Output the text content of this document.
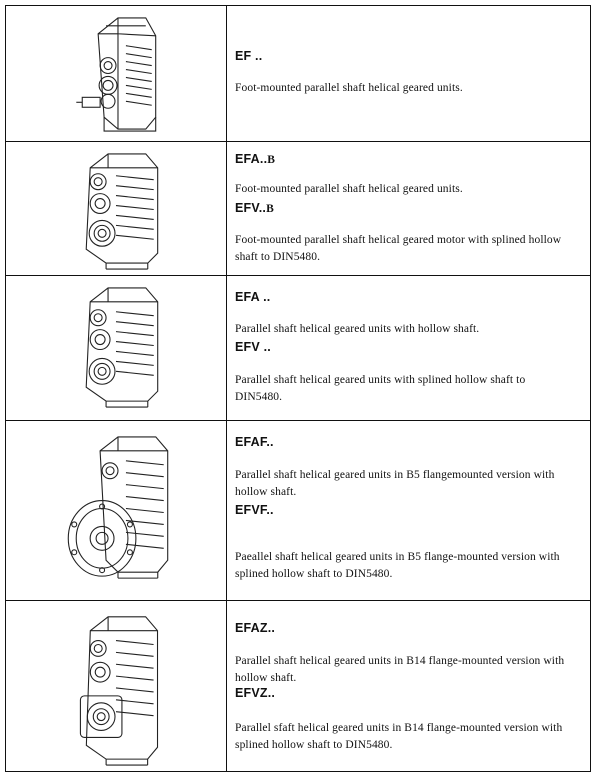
EF ..
Foot-mounted parallel shaft helical geared units.
EFA..B
Foot-mounted parallel shaft helical geared units.
EFV..B
Foot-mounted parallel shaft helical geared motor with splined hollow shaft to DIN5480.
EFA ..
Parallel shaft helical geared units with hollow shaft.
EFV ..
Parallel shaft helical geared units with splined hollow shaft to DIN5480.
EFAF..
Parallel shaft helical geared units in B5 flangemounted version with hollow shaft.
EFVF..
Paeallel shaft helical geared units in B5 flange-mounted version with splined hollow shaft to DIN5480.
EFAZ..
Parallel shaft helical geared units in B14 flange-mounted version with hollow shaft.
EFVZ..
Parallel sfaft helical geared units in B14 flange-mounted version with splined hollow shaft to DIN5480.
